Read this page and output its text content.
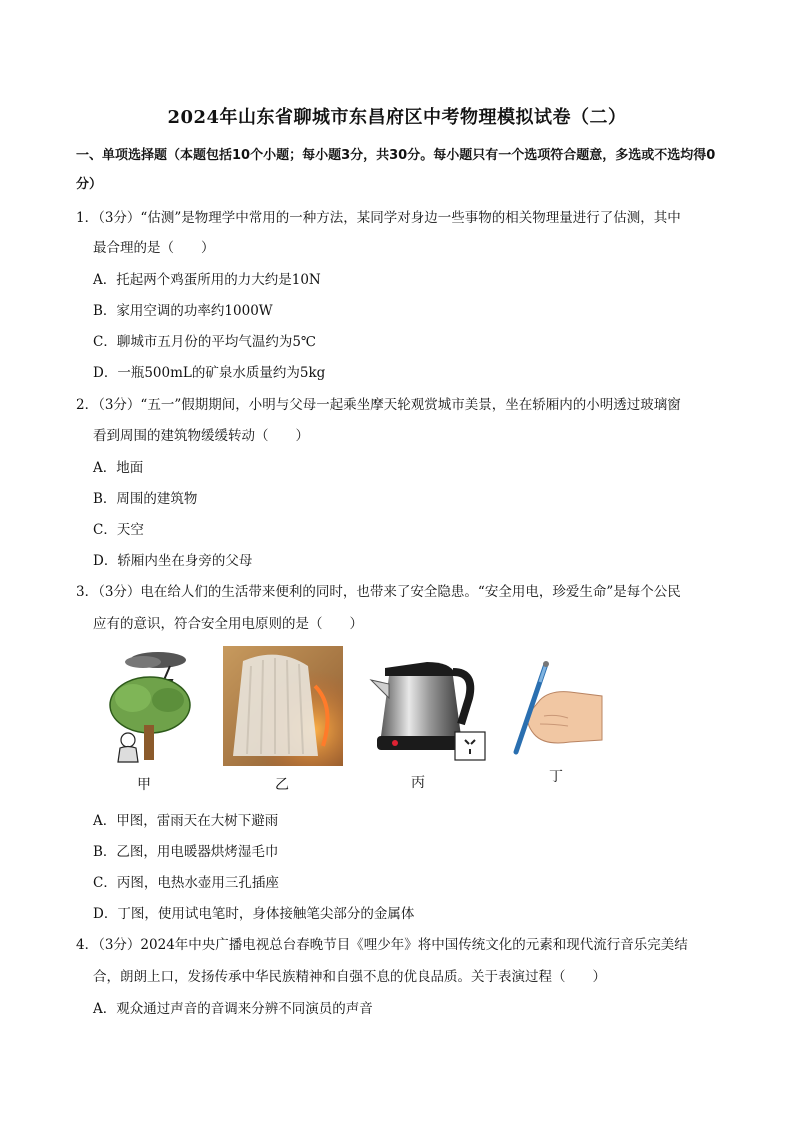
2024年山东省聊城市东昌府区中考物理模拟试卷（二）
一、单项选择题（本题包括10个小题；每小题3分，共30分。每小题只有一个选项符合题意，多选或不选均得0分）
1．（3分）“估测”是物理学中常用的一种方法，某同学对身边一些事物的相关物理量进行了估测，其中
最合理的是（　　）
A．托起两个鸡蛋所用的力大约是10N
B．家用空调的功率约1000W
C．聊城市五月份的平均气温约为5℃
D．一瓶500mL的矿泉水质量约为5kg
2．（3分）“五一”假期期间，小明与父母一起乘坐摩天轮观赏城市美景，坐在轿厢内的小明透过玻璃窗
看到周围的建筑物缓缓转动（　　）
A．地面
B．周围的建筑物
C．天空
D．轿厢内坐在身旁的父母
3．（3分）电在给人们的生活带来便利的同时，也带来了安全隐患。“安全用电，珍爱生命”是每个公民
应有的意识，符合安全用电原则的是（　　）
甲	乙	丙	丁
A．甲图，雷雨天在大树下避雨
B．乙图，用电暖器烘烤湿毛巾
C．丙图，电热水壶用三孔插座
D．丁图，使用试电笔时，身体接触笔尖部分的金属体
4．（3分）2024年中央广播电视总台春晚节目《哩少年》将中国传统文化的元素和现代流行音乐完美结
合，朗朗上口，发扬传承中华民族精神和自强不息的优良品质。关于表演过程（　　）
A．观众通过声音的音调来分辨不同演员的声音
